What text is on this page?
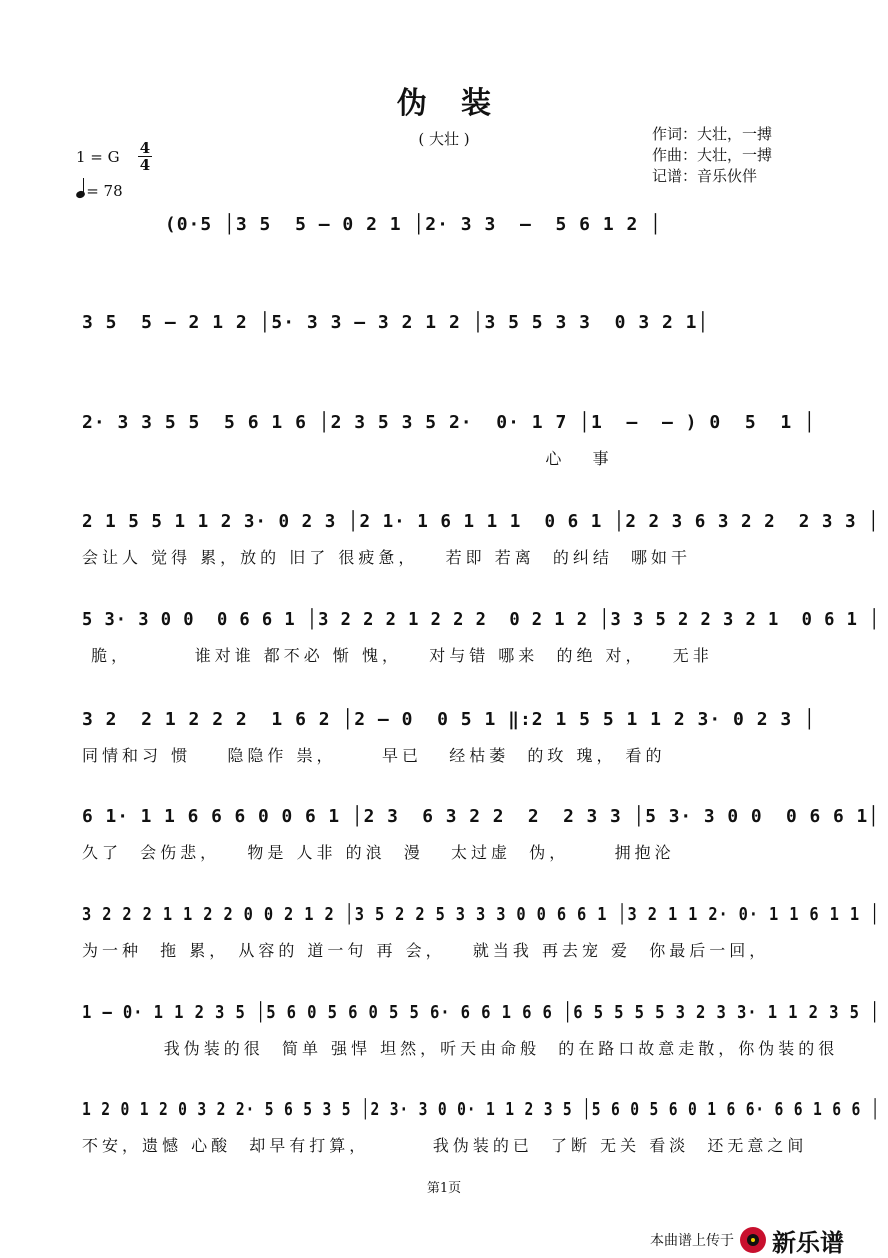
伪装
( 大壮 )	作词：大壮，一搏
作曲：大壮，一搏
记谱：音乐伙伴
1 = G 4
4
= 78
(0·5 │3 5  5 – 0 2 1 │2· 3 3  –  5 6 1 2 │
3 5  5 – 2 1 2 │5· 3 3 – 3 2 1 2 │3 5 5 3 3  0 3 2 1│
2· 3 3 5 5  5 6 1 6 │2 3 5 3 5 2·  0· 1 7 │1  –  – ) 0  5  1 │
心   事
2 1 5 5 1 1 2 3· 0 2 3 │2 1· 1 6 1 1 1  0 6 1 │2 2 3 6 3 2 2  2 3 3 │
会让人 觉得 累，放的 旧了 很疲惫，   若即 若离  的纠结  哪如干
5 3· 3 0 0  0 6 6 1 │3 2 2 2 1 2 2 2  0 2 1 2 │3 3 5 2 2 3 2 1  0 6 1 │
脆，       谁对谁 都不必 惭 愧，   对与错 哪来  的绝 对，   无非
3 2  2 1 2 2 2  1 6 2 │2 – 0  0 5 1 ‖:2 1 5 5 1 1 2 3· 0 2 3 │
同情和习 惯    隐隐作 祟，     早已   经枯萎  的玫 瑰， 看的
6 1· 1 1 6 6 6 0 0 6 1 │2 3  6 3 2 2  2  2 3 3 │5 3· 3 0 0  0 6 6 1│
久了  会伤悲，   物是 人非 的浪  漫   太过虚  伪，     拥抱沦
3 2 2 2 1 1 2 2 0 0 2 1 2 │3 5 2 2 5 3 3 3 0 0 6 6 1 │3 2 1 1 2· 0· 1 1 6 1 1 │
为一种  拖 累， 从容的 道一句 再 会，   就当我 再去宠 爱  你最后一回，
1 – 0· 1 1 2 3 5 │5 6 0 5 6 0 5 5 6· 6 6 1 6 6 │6 5 5 5 5 3 2 3 3· 1 1 2 3 5 │
我伪装的很  简单 强悍 坦然，听天由命般  的在路口故意走散，你伪装的很
1 2 0 1 2 0 3 2 2· 5 6 5 3 5 │2 3· 3 0 0· 1 1 2 3 5 │5 6 0 5 6 0 1 6 6· 6 6 1 6 6 │
不安，遗憾 心酸  却早有打算，       我伪装的已  了断 无关 看淡  还无意之间
第1页
本曲谱上传于 新乐谱
